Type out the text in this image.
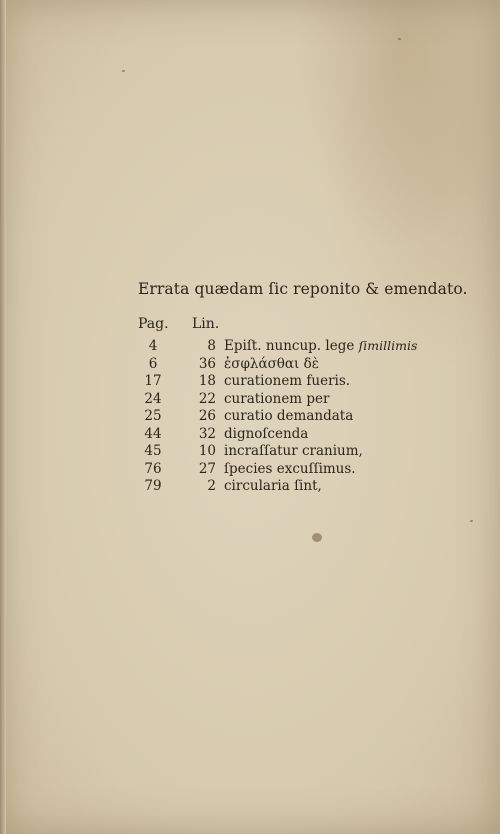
Errata quædam ſic reponito & emendato.
Pag. Lin.
4	8 Epiſt. nuncup. lege ſimillimis
6	36 ἐσφλάσθαι δὲ
17	18 curationem fueris.
24	22 curationem per
25	26 curatio demandata
44	32 dignoſcenda
45	10 incraſſatur cranium,
76	27 ſpecies excuſſimus.
79	2 circularia ſint,
